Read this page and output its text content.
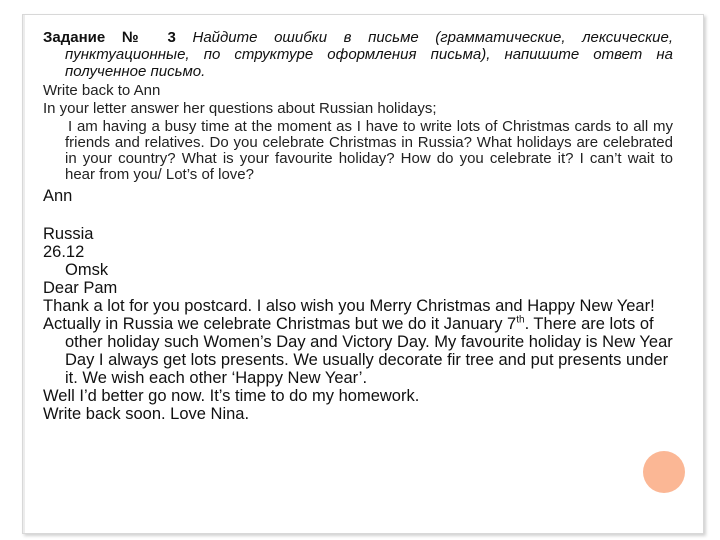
Задание № 3 Найдите ошибки в письме (грамматические, лексические, пунктуационные, по структуре оформления письма), напишите ответ на полученное письмо.

Write back to Ann

In your letter answer her questions about Russian holidays;

I am having a busy time at the moment as I have to write lots of Christmas cards to all my friends and relatives. Do you celebrate Christmas in Russia? What holidays are celebrated in your country? What is your favourite holiday? How do you celebrate it? I can’t wait to hear from you/ Lot’s of love?

Ann

Russia

26.12

Omsk

Dear Pam

Thank a lot for you postcard. I also wish you Merry Christmas and Happy New Year!

Actually in Russia we celebrate Christmas but we do it January 7th. There are lots of other holiday such Women’s Day and Victory Day. My favourite holiday is New Year Day I always get lots presents. We usually decorate fir tree and put presents under it. We wish each other ‘Happy New Year’.

Well I’d better go now. It’s time to do my homework.

Write back soon. Love Nina.
